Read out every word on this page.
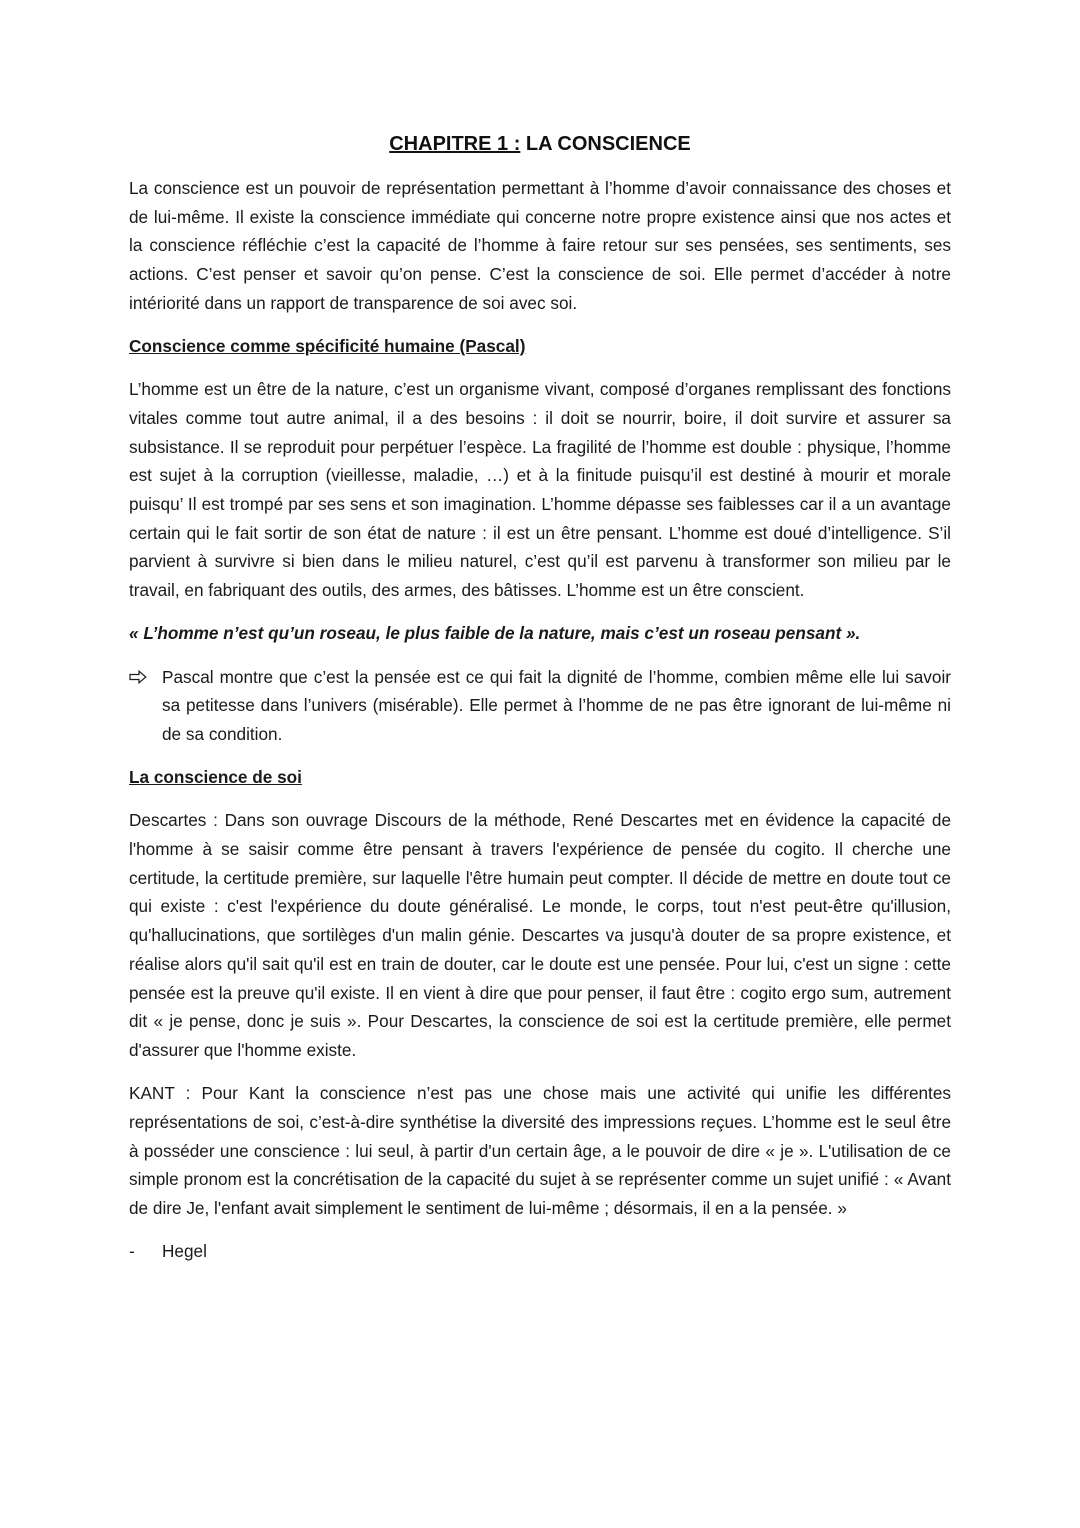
CHAPITRE 1 : LA CONSCIENCE

La conscience est un pouvoir de représentation permettant à l’homme d’avoir connaissance des choses et de lui-même. Il existe la conscience immédiate qui concerne notre propre existence ainsi que nos actes et la conscience réfléchie c’est la capacité de l’homme à faire retour sur ses pensées, ses sentiments, ses actions. C’est penser et savoir qu’on pense. C’est la conscience de soi. Elle permet d’accéder à notre intériorité dans un rapport de transparence de soi avec soi.

Conscience comme spécificité humaine (Pascal)

L’homme est un être de la nature, c’est un organisme vivant, composé d’organes remplissant des fonctions vitales comme tout autre animal, il a des besoins : il doit se nourrir, boire, il doit survire et assurer sa subsistance. Il se reproduit pour perpétuer l’espèce. La fragilité de l’homme est double : physique, l’homme est sujet à la corruption (vieillesse, maladie, …) et à la finitude puisqu’il est destiné à mourir et morale puisqu’ Il est trompé par ses sens et son imagination. L’homme dépasse ses faiblesses car il a un avantage certain qui le fait sortir de son état de nature : il est un être pensant. L’homme est doué d’intelligence. S’il parvient à survivre si bien dans le milieu naturel, c’est qu’il est parvenu à transformer son milieu par le travail, en fabriquant des outils, des armes, des bâtisses. L’homme est un être conscient.

« L’homme n’est qu’un roseau, le plus faible de la nature, mais c’est un roseau pensant ».

Pascal montre que c’est la pensée est ce qui fait la dignité de l’homme, combien même elle lui savoir sa petitesse dans l’univers (misérable). Elle permet à l’homme de ne pas être ignorant de lui-même ni de sa condition.

La conscience de soi

Descartes : Dans son ouvrage Discours de la méthode, René Descartes met en évidence la capacité de l'homme à se saisir comme être pensant à travers l'expérience de pensée du cogito. Il cherche une certitude, la certitude première, sur laquelle l'être humain peut compter. Il décide de mettre en doute tout ce qui existe : c'est l'expérience du doute généralisé. Le monde, le corps, tout n'est peut-être qu'illusion, qu'hallucinations, que sortilèges d'un malin génie. Descartes va jusqu'à douter de sa propre existence, et réalise alors qu'il sait qu'il est en train de douter, car le doute est une pensée. Pour lui, c'est un signe : cette pensée est la preuve qu'il existe. Il en vient à dire que pour penser, il faut être : cogito ergo sum, autrement dit « je pense, donc je suis ». Pour Descartes, la conscience de soi est la certitude première, elle permet d'assurer que l'homme existe.

KANT : Pour Kant la conscience n’est pas une chose mais une activité qui unifie les différentes représentations de soi, c’est-à-dire synthétise la diversité des impressions reçues. L’homme est le seul être à posséder une conscience : lui seul, à partir d'un certain âge, a le pouvoir de dire « je ». L'utilisation de ce simple pronom est la concrétisation de la capacité du sujet à se représenter comme un sujet unifié : « Avant de dire Je, l'enfant avait simplement le sentiment de lui-même ; désormais, il en a la pensée. »

- Hegel
